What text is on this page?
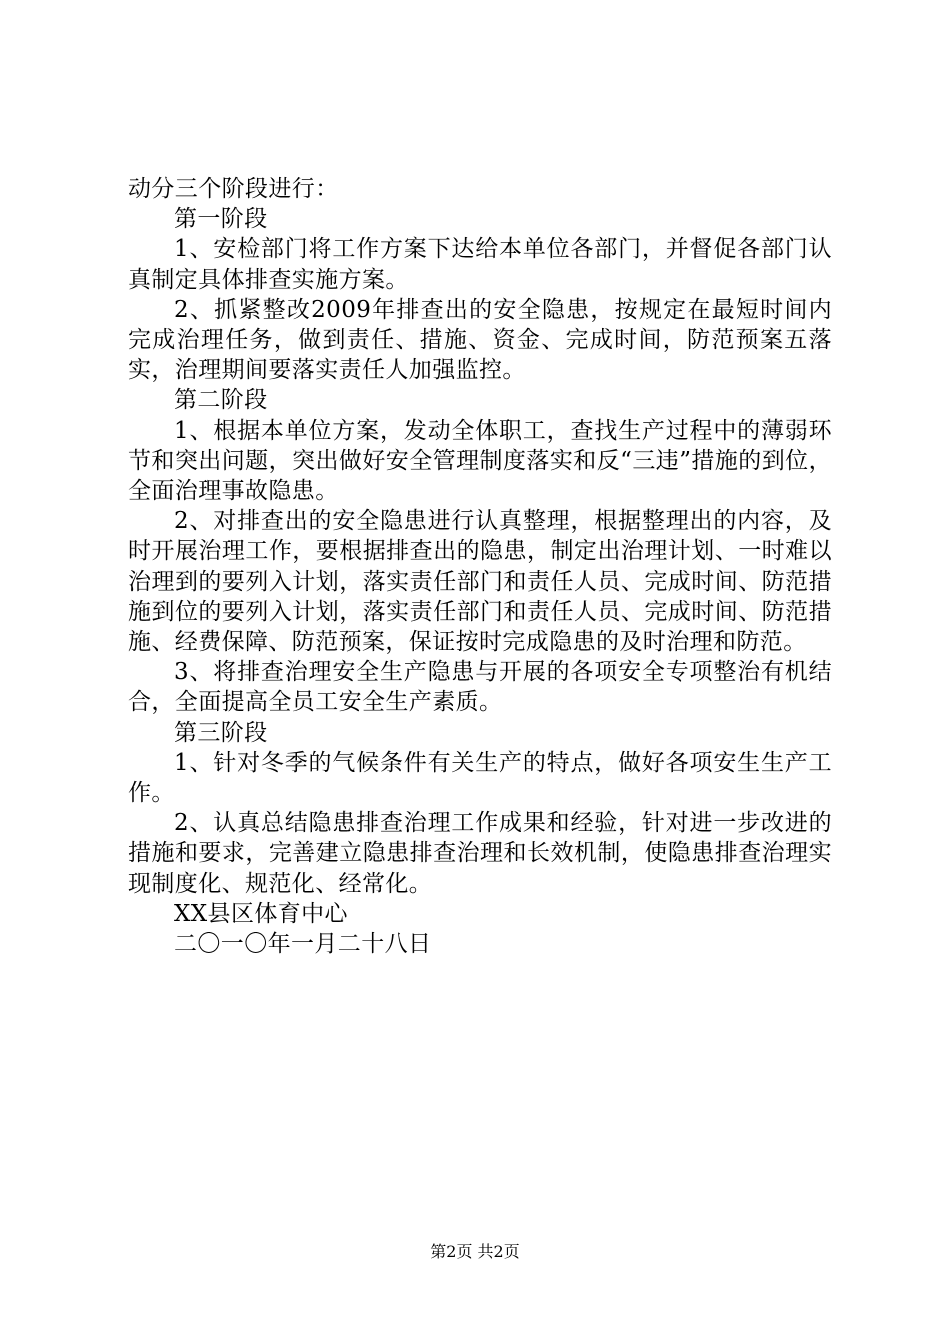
动分三个阶段进行：

第一阶段

1、安检部门将工作方案下达给本单位各部门，并督促各部门认真制定具体排查实施方案。

2、抓紧整改2009年排查出的安全隐患，按规定在最短时间内完成治理任务，做到责任、措施、资金、完成时间，防范预案五落实，治理期间要落实责任人加强监控。

第二阶段

1、根据本单位方案，发动全体职工，查找生产过程中的薄弱环节和突出问题，突出做好安全管理制度落实和反“三违”措施的到位，全面治理事故隐患。

2、对排查出的安全隐患进行认真整理，根据整理出的内容，及时开展治理工作，要根据排查出的隐患，制定出治理计划、一时难以治理到的要列入计划，落实责任部门和责任人员、完成时间、防范措施到位的要列入计划，落实责任部门和责任人员、完成时间、防范措施、经费保障、防范预案，保证按时完成隐患的及时治理和防范。

3、将排查治理安全生产隐患与开展的各项安全专项整治有机结合，全面提高全员工安全生产素质。

第三阶段

1、针对冬季的气候条件有关生产的特点，做好各项安生生产工作。

2、认真总结隐患排查治理工作成果和经验，针对进一步改进的措施和要求，完善建立隐患排查治理和长效机制，使隐患排查治理实现制度化、规范化、经常化。

XX县区体育中心

二〇一〇年一月二十八日

第2页 共2页
